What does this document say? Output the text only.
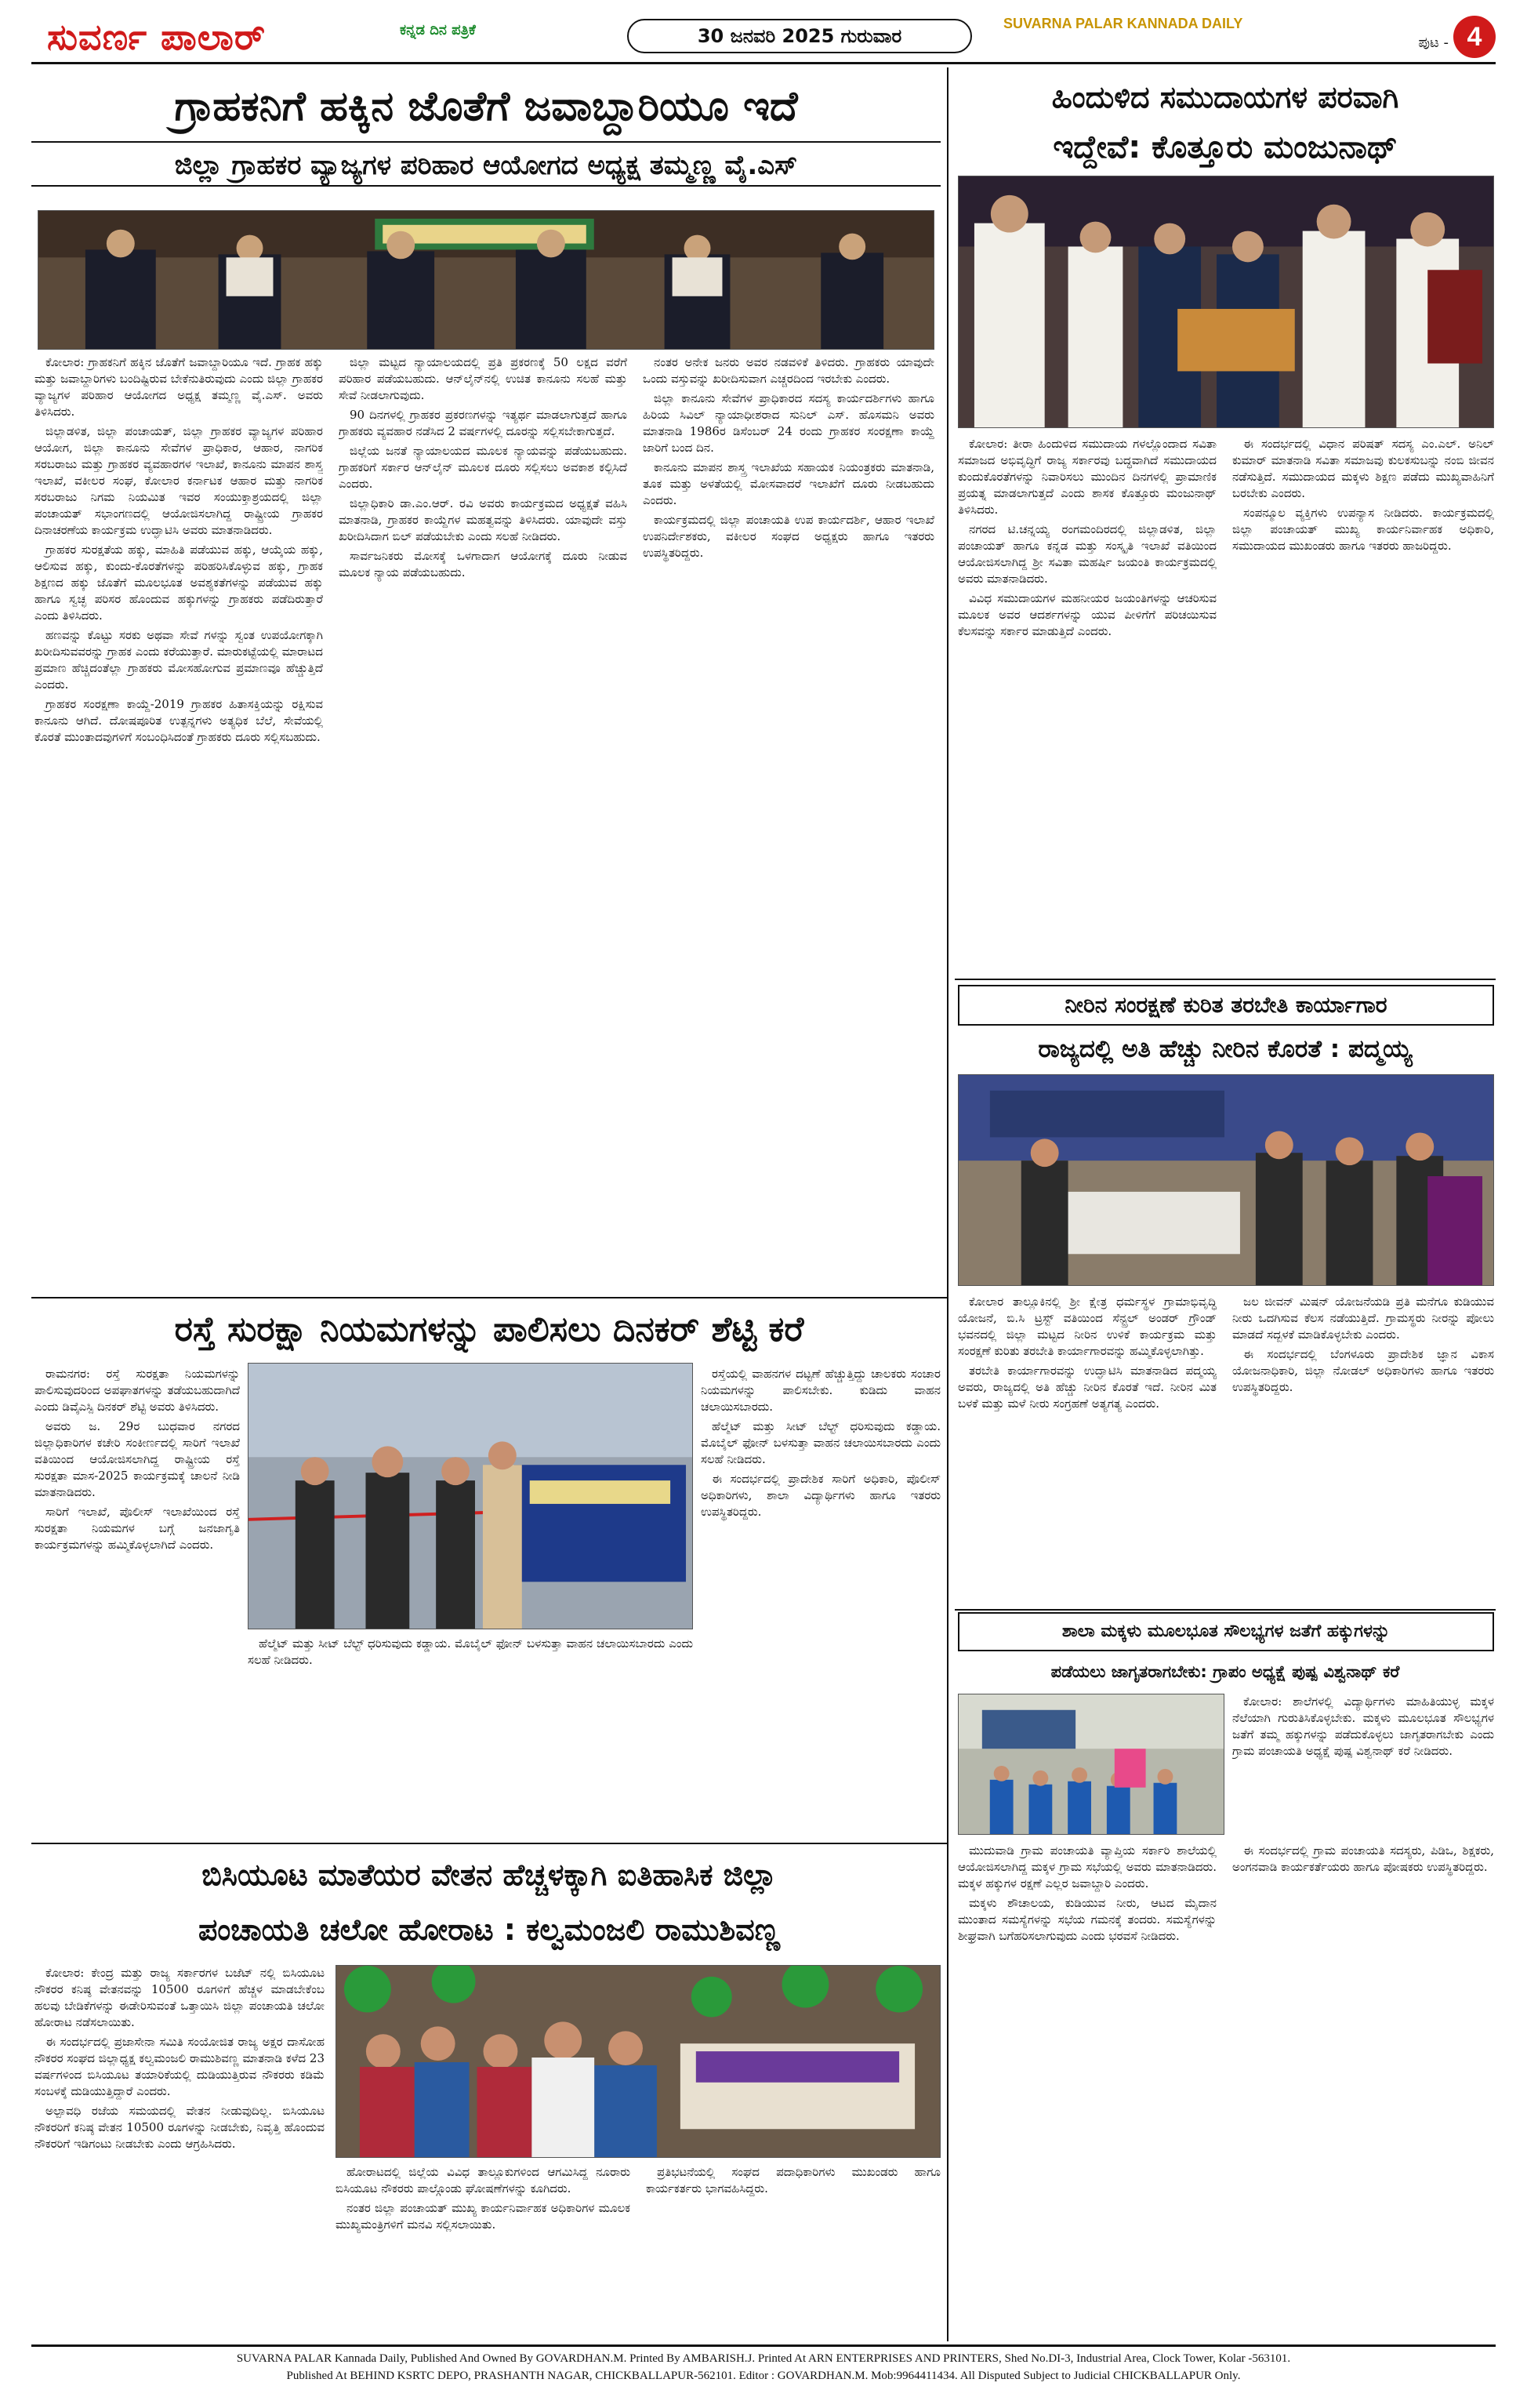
ಸುವರ್ಣ ಪಾಲಾರ್	ಕನ್ನಡ ದಿನ ಪತ್ರಿಕೆ	30 ಜನವರಿ 2025 ಗುರುವಾರ
SUVARNA PALAR KANNADA DAILY
ಪುಟ - 4
ಗ್ರಾಹಕನಿಗೆ ಹಕ್ಕಿನ ಜೊತೆಗೆ ಜವಾಬ್ದಾರಿಯೂ ಇದೆ
ಜಿಲ್ಲಾ ಗ್ರಾಹಕರ ವ್ಯಾಜ್ಯಗಳ ಪರಿಹಾರ ಆಯೋಗದ ಅಧ್ಯಕ್ಷ ತಮ್ಮಣ್ಣ ವೈ.ಎಸ್

ಕೋಲಾರ: ಗ್ರಾಹಕನಿಗೆ ಹಕ್ಕಿನ ಜೊತೆಗೆ ಜವಾಬ್ದಾರಿಯೂ ಇದೆ. ಗ್ರಾಹಕ ಹಕ್ಕು ಮತ್ತು ಜವಾಬ್ದಾರಿಗಳು ಬಂದಿಷ್ಟಿರುವ ಬೇಕೆನುತಿರುವುದು ಎಂದು ಜಿಲ್ಲಾ ಗ್ರಾಹಕರ ವ್ಯಾಜ್ಯಗಳ ಪರಿಹಾರ ಆಯೋಗದ ಅಧ್ಯಕ್ಷ ತಮ್ಮಣ್ಣ ವೈ.ಎಸ್. ಅವರು ತಿಳಿಸಿದರು.

ಜಿಲ್ಲಾಡಳಿತ, ಜಿಲ್ಲಾ ಪಂಚಾಯತ್, ಜಿಲ್ಲಾ ಗ್ರಾಹಕರ ವ್ಯಾಜ್ಯಗಳ ಪರಿಹಾರ ಆಯೋಗ, ಜಿಲ್ಲಾ ಕಾನೂನು ಸೇವೆಗಳ ಪ್ರಾಧಿಕಾರ, ಆಹಾರ, ನಾಗರಿಕ ಸರಬರಾಜು ಮತ್ತು ಗ್ರಾಹಕರ ವ್ಯವಹಾರಗಳ ಇಲಾಖೆ, ಕಾನೂನು ಮಾಪನ ಶಾಸ್ತ್ರ ಇಲಾಖೆ, ವಕೀಲರ ಸಂಘ, ಕೋಲಾರ ಕರ್ನಾಟಕ ಆಹಾರ ಮತ್ತು ನಾಗರಿಕ ಸರಬರಾಜು ನಿಗಮ ನಿಯಮಿತ ಇವರ ಸಂಯುಕ್ತಾಶ್ರಯದಲ್ಲಿ ಜಿಲ್ಲಾ ಪಂಚಾಯತ್ ಸಭಾಂಗಣದಲ್ಲಿ ಆಯೋಜಿಸಲಾಗಿದ್ದ ರಾಷ್ಟ್ರೀಯ ಗ್ರಾಹಕರ ದಿನಾಚರಣೆಯ ಕಾರ್ಯಕ್ರಮ ಉದ್ಘಾಟಿಸಿ ಅವರು ಮಾತನಾಡಿದರು.

ಗ್ರಾಹಕರ ಸುರಕ್ಷತೆಯ ಹಕ್ಕು, ಮಾಹಿತಿ ಪಡೆಯುವ ಹಕ್ಕು, ಆಯ್ಕೆಯ ಹಕ್ಕು, ಆಲಿಸುವ ಹಕ್ಕು, ಕುಂದು-ಕೊರತೆಗಳನ್ನು ಪರಿಹರಿಸಿಕೊಳ್ಳುವ ಹಕ್ಕು, ಗ್ರಾಹಕ ಶಿಕ್ಷಣದ ಹಕ್ಕು ಜೊತೆಗೆ ಮೂಲಭೂತ ಅವಶ್ಯಕತೆಗಳನ್ನು ಪಡೆಯುವ ಹಕ್ಕು ಹಾಗೂ ಸ್ವಚ್ಛ ಪರಿಸರ ಹೊಂದುವ ಹಕ್ಕುಗಳನ್ನು ಗ್ರಾಹಕರು ಪಡೆದಿರುತ್ತಾರೆ ಎಂದು ತಿಳಿಸಿದರು.

ಹಣವನ್ನು ಕೊಟ್ಟು ಸರಕು ಅಥವಾ ಸೇವೆ ಗಳನ್ನು ಸ್ವಂತ ಉಪಯೋಗಕ್ಕಾಗಿ ಖರೀದಿಸುವವರನ್ನು ಗ್ರಾಹಕ ಎಂದು ಕರೆಯುತ್ತಾರೆ. ಮಾರುಕಟ್ಟೆಯಲ್ಲಿ ಮಾರಾಟದ ಪ್ರಮಾಣ ಹೆಚ್ಚಿದಂತೆಲ್ಲಾ ಗ್ರಾಹಕರು ಮೋಸಹೋಗುವ ಪ್ರಮಾಣವೂ ಹೆಚ್ಚುತ್ತಿದೆ ಎಂದರು.

ಗ್ರಾಹಕರ ಸಂರಕ್ಷಣಾ ಕಾಯ್ದೆ-2019 ಗ್ರಾಹಕರ ಹಿತಾಸಕ್ತಿಯನ್ನು ರಕ್ಷಿಸುವ ಕಾನೂನು ಆಗಿದೆ. ದೋಷಪೂರಿತ ಉತ್ಪನ್ನಗಳು ಅತ್ಯಧಿಕ ಬೆಲೆ, ಸೇವೆಯಲ್ಲಿ ಕೊರತೆ ಮುಂತಾದವುಗಳಿಗೆ ಸಂಬಂಧಿಸಿದಂತೆ ಗ್ರಾಹಕರು ದೂರು ಸಲ್ಲಿಸಬಹುದು.

ಜಿಲ್ಲಾ ಮಟ್ಟದ ನ್ಯಾಯಾಲಯದಲ್ಲಿ ಪ್ರತಿ ಪ್ರಕರಣಕ್ಕೆ 50 ಲಕ್ಷದ ವರೆಗೆ ಪರಿಹಾರ ಪಡೆಯಬಹುದು. ಆನ್‌ಲೈನ್‌ನಲ್ಲಿ ಉಚಿತ ಕಾನೂನು ಸಲಹೆ ಮತ್ತು ಸೇವೆ ನೀಡಲಾಗುವುದು.

90 ದಿನಗಳಲ್ಲಿ ಗ್ರಾಹಕರ ಪ್ರಕರಣಗಳನ್ನು ಇತ್ಯರ್ಥ ಮಾಡಲಾಗುತ್ತದೆ ಹಾಗೂ ಗ್ರಾಹಕರು ವ್ಯವಹಾರ ನಡೆಸಿದ 2 ವರ್ಷಗಳಲ್ಲಿ ದೂರನ್ನು ಸಲ್ಲಿಸಬೇಕಾಗುತ್ತದೆ.

ಜಿಲ್ಲೆಯ ಜನತೆ ನ್ಯಾಯಾಲಯದ ಮೂಲಕ ನ್ಯಾಯವನ್ನು ಪಡೆಯಬಹುದು. ಗ್ರಾಹಕರಿಗೆ ಸರ್ಕಾರ ಆನ್‌ಲೈನ್ ಮೂಲಕ ದೂರು ಸಲ್ಲಿಸಲು ಅವಕಾಶ ಕಲ್ಪಿಸಿದೆ ಎಂದರು.

ಜಿಲ್ಲಾಧಿಕಾರಿ ಡಾ.ಎಂ.ಆರ್. ರವಿ ಅವರು ಕಾರ್ಯಕ್ರಮದ ಅಧ್ಯಕ್ಷತೆ ವಹಿಸಿ ಮಾತನಾಡಿ, ಗ್ರಾಹಕರ ಕಾಯ್ದೆಗಳ ಮಹತ್ವವನ್ನು ತಿಳಿಸಿದರು. ಯಾವುದೇ ವಸ್ತು ಖರೀದಿಸಿದಾಗ ಬಿಲ್ ಪಡೆಯಬೇಕು ಎಂದು ಸಲಹೆ ನೀಡಿದರು.

ಸಾರ್ವಜನಿಕರು ಮೋಸಕ್ಕೆ ಒಳಗಾದಾಗ ಆಯೋಗಕ್ಕೆ ದೂರು ನೀಡುವ ಮೂಲಕ ನ್ಯಾಯ ಪಡೆಯಬಹುದು.

ನಂತರ ಅನೇಕ ಜನರು ಅವರ ನಡವಳಿಕೆ ತಿಳಿದರು. ಗ್ರಾಹಕರು ಯಾವುದೇ ಒಂದು ವಸ್ತುವನ್ನು ಖರೀದಿಸುವಾಗ ಎಚ್ಚರದಿಂದ ಇರಬೇಕು ಎಂದರು.

ಜಿಲ್ಲಾ ಕಾನೂನು ಸೇವೆಗಳ ಪ್ರಾಧಿಕಾರದ ಸದಸ್ಯ ಕಾರ್ಯದರ್ಶಿಗಳು ಹಾಗೂ ಹಿರಿಯ ಸಿವಿಲ್ ನ್ಯಾಯಾಧೀಶರಾದ ಸುನಿಲ್ ಎಸ್. ಹೊಸಮನಿ ಅವರು ಮಾತನಾಡಿ 1986ರ ಡಿಸೆಂಬರ್ 24 ರಂದು ಗ್ರಾಹಕರ ಸಂರಕ್ಷಣಾ ಕಾಯ್ದೆ ಜಾರಿಗೆ ಬಂದ ದಿನ.

ಕಾನೂನು ಮಾಪನ ಶಾಸ್ತ್ರ ಇಲಾಖೆಯ ಸಹಾಯಕ ನಿಯಂತ್ರಕರು ಮಾತನಾಡಿ, ತೂಕ ಮತ್ತು ಅಳತೆಯಲ್ಲಿ ಮೋಸವಾದರೆ ಇಲಾಖೆಗೆ ದೂರು ನೀಡಬಹುದು ಎಂದರು.

ಕಾರ್ಯಕ್ರಮದಲ್ಲಿ ಜಿಲ್ಲಾ ಪಂಚಾಯತಿ ಉಪ ಕಾರ್ಯದರ್ಶಿ, ಆಹಾರ ಇಲಾಖೆ ಉಪನಿರ್ದೇಶಕರು, ವಕೀಲರ ಸಂಘದ ಅಧ್ಯಕ್ಷರು ಹಾಗೂ ಇತರರು ಉಪಸ್ಥಿತರಿದ್ದರು.

ಹಿಂದುಳಿದ ಸಮುದಾಯಗಳ ಪರವಾಗಿ
ಇದ್ದೇವೆ: ಕೊತ್ತೂರು ಮಂಜುನಾಥ್

ಕೋಲಾರ: ತೀರಾ ಹಿಂದುಳಿದ ಸಮುದಾಯ ಗಳಲ್ಲೊಂದಾದ ಸವಿತಾ ಸಮಾಜದ ಅಭಿವೃದ್ಧಿಗೆ ರಾಜ್ಯ ಸರ್ಕಾರವು ಬದ್ಧವಾಗಿದೆ ಸಮುದಾಯದ ಕುಂದುಕೊರತೆಗಳನ್ನು ನಿವಾರಿಸಲು ಮುಂದಿನ ದಿನಗಳಲ್ಲಿ ಪ್ರಾಮಾಣಿಕ ಪ್ರಯತ್ನ ಮಾಡಲಾಗುತ್ತದೆ ಎಂದು ಶಾಸಕ ಕೊತ್ತೂರು ಮಂಜುನಾಥ್ ತಿಳಿಸಿದರು.

ನಗರದ ಟಿ.ಚನ್ನಯ್ಯ ರಂಗಮಂದಿರದಲ್ಲಿ ಜಿಲ್ಲಾಡಳಿತ, ಜಿಲ್ಲಾ ಪಂಚಾಯತ್ ಹಾಗೂ ಕನ್ನಡ ಮತ್ತು ಸಂಸ್ಕೃತಿ ಇಲಾಖೆ ವತಿಯಿಂದ ಆಯೋಜಿಸಲಾಗಿದ್ದ ಶ್ರೀ ಸವಿತಾ ಮಹರ್ಷಿ ಜಯಂತಿ ಕಾರ್ಯಕ್ರಮದಲ್ಲಿ ಅವರು ಮಾತನಾಡಿದರು.

ವಿವಿಧ ಸಮುದಾಯಗಳ ಮಹನೀಯರ ಜಯಂತಿಗಳನ್ನು ಆಚರಿಸುವ ಮೂಲಕ ಅವರ ಆದರ್ಶಗಳನ್ನು ಯುವ ಪೀಳಿಗೆಗೆ ಪರಿಚಯಿಸುವ ಕೆಲಸವನ್ನು ಸರ್ಕಾರ ಮಾಡುತ್ತಿದೆ ಎಂದರು.

ಈ ಸಂದರ್ಭದಲ್ಲಿ ವಿಧಾನ ಪರಿಷತ್ ಸದಸ್ಯ ಎಂ.ಎಲ್. ಅನಿಲ್ ಕುಮಾರ್ ಮಾತನಾಡಿ ಸವಿತಾ ಸಮಾಜವು ಕುಲಕಸುಬನ್ನು ನಂಬಿ ಜೀವನ ನಡೆಸುತ್ತಿದೆ. ಸಮುದಾಯದ ಮಕ್ಕಳು ಶಿಕ್ಷಣ ಪಡೆದು ಮುಖ್ಯವಾಹಿನಿಗೆ ಬರಬೇಕು ಎಂದರು.

ಸಂಪನ್ಮೂಲ ವ್ಯಕ್ತಿಗಳು ಉಪನ್ಯಾಸ ನೀಡಿದರು. ಕಾರ್ಯಕ್ರಮದಲ್ಲಿ ಜಿಲ್ಲಾ ಪಂಚಾಯತ್ ಮುಖ್ಯ ಕಾರ್ಯನಿರ್ವಾಹಕ ಅಧಿಕಾರಿ, ಸಮುದಾಯದ ಮುಖಂಡರು ಹಾಗೂ ಇತರರು ಹಾಜರಿದ್ದರು.

ನೀರಿನ ಸಂರಕ್ಷಣೆ ಕುರಿತ ತರಬೇತಿ ಕಾರ್ಯಾಗಾರ
ರಾಜ್ಯದಲ್ಲಿ ಅತಿ ಹೆಚ್ಚು ನೀರಿನ ಕೊರತೆ : ಪದ್ಮಯ್ಯ

ಕೋಲಾರ ತಾಲ್ಲೂಕಿನಲ್ಲಿ ಶ್ರೀ ಕ್ಷೇತ್ರ ಧರ್ಮಸ್ಥಳ ಗ್ರಾಮಾಭಿವೃದ್ಧಿ ಯೋಜನೆ, ಬಿ.ಸಿ ಟ್ರಸ್ಟ್ ವತಿಯಿಂದ ಸೆನ್ಟ್ರಲ್ ಅಂಡರ್ ಗ್ರೌಂಡ್ ಭವನದಲ್ಲಿ ಜಿಲ್ಲಾ ಮಟ್ಟದ ನೀರಿನ ಉಳಿಕೆ ಕಾರ್ಯಕ್ರಮ ಮತ್ತು ಸಂರಕ್ಷಣೆ ಕುರಿತು ತರಬೇತಿ ಕಾರ್ಯಾಗಾರವನ್ನು ಹಮ್ಮಿಕೊಳ್ಳಲಾಗಿತ್ತು.

ತರಬೇತಿ ಕಾರ್ಯಾಗಾರವನ್ನು ಉದ್ಘಾಟಿಸಿ ಮಾತನಾಡಿದ ಪದ್ಮಯ್ಯ ಅವರು, ರಾಜ್ಯದಲ್ಲಿ ಅತಿ ಹೆಚ್ಚು ನೀರಿನ ಕೊರತೆ ಇದೆ. ನೀರಿನ ಮಿತ ಬಳಕೆ ಮತ್ತು ಮಳೆ ನೀರು ಸಂಗ್ರಹಣೆ ಅತ್ಯಗತ್ಯ ಎಂದರು.

ಜಲ ಜೀವನ್ ಮಿಷನ್ ಯೋಜನೆಯಡಿ ಪ್ರತಿ ಮನೆಗೂ ಕುಡಿಯುವ ನೀರು ಒದಗಿಸುವ ಕೆಲಸ ನಡೆಯುತ್ತಿದೆ. ಗ್ರಾಮಸ್ಥರು ನೀರನ್ನು ಪೋಲು ಮಾಡದೆ ಸದ್ಬಳಕೆ ಮಾಡಿಕೊಳ್ಳಬೇಕು ಎಂದರು.

ಈ ಸಂದರ್ಭದಲ್ಲಿ ಬೆಂಗಳೂರು ಪ್ರಾದೇಶಿಕ ಜ್ಞಾನ ವಿಕಾಸ ಯೋಜನಾಧಿಕಾರಿ, ಜಿಲ್ಲಾ ನೋಡಲ್ ಅಧಿಕಾರಿಗಳು ಹಾಗೂ ಇತರರು ಉಪಸ್ಥಿತರಿದ್ದರು.

ರಸ್ತೆ ಸುರಕ್ಷಾ ನಿಯಮಗಳನ್ನು ಪಾಲಿಸಲು ದಿನಕರ್ ಶೆಟ್ಟಿ ಕರೆ

ರಾಮನಗರ: ರಸ್ತೆ ಸುರಕ್ಷತಾ ನಿಯಮಗಳನ್ನು ಪಾಲಿಸುವುದರಿಂದ ಅಪಘಾತಗಳನ್ನು ತಡೆಯಬಹುದಾಗಿದೆ ಎಂದು ಡಿವೈಎಸ್ಪಿ ದಿನಕರ್ ಶೆಟ್ಟಿ ಅವರು ತಿಳಿಸಿದರು.

ಅವರು ಜ. 29ರ ಬುಧವಾರ ನಗರದ ಜಿಲ್ಲಾಧಿಕಾರಿಗಳ ಕಚೇರಿ ಸಂಕೀರ್ಣದಲ್ಲಿ ಸಾರಿಗೆ ಇಲಾಖೆ ವತಿಯಿಂದ ಆಯೋಜಿಸಲಾಗಿದ್ದ ರಾಷ್ಟ್ರೀಯ ರಸ್ತೆ ಸುರಕ್ಷತಾ ಮಾಸ-2025 ಕಾರ್ಯಕ್ರಮಕ್ಕೆ ಚಾಲನೆ ನೀಡಿ ಮಾತನಾಡಿದರು.

ಸಾರಿಗೆ ಇಲಾಖೆ, ಪೊಲೀಸ್ ಇಲಾಖೆಯಿಂದ ರಸ್ತೆ ಸುರಕ್ಷತಾ ನಿಯಮಗಳ ಬಗ್ಗೆ ಜನಜಾಗೃತಿ ಕಾರ್ಯಕ್ರಮಗಳನ್ನು ಹಮ್ಮಿಕೊಳ್ಳಲಾಗಿದೆ ಎಂದರು.

ರಸ್ತೆಯಲ್ಲಿ ವಾಹನಗಳ ದಟ್ಟಣೆ ಹೆಚ್ಚುತ್ತಿದ್ದು ಚಾಲಕರು ಸಂಚಾರ ನಿಯಮಗಳನ್ನು ಪಾಲಿಸಬೇಕು. ಕುಡಿದು ವಾಹನ ಚಲಾಯಿಸಬಾರದು.

ಹೆಲ್ಮೆಟ್ ಮತ್ತು ಸೀಟ್ ಬೆಲ್ಟ್ ಧರಿಸುವುದು ಕಡ್ಡಾಯ. ಮೊಬೈಲ್ ಫೋನ್ ಬಳಸುತ್ತಾ ವಾಹನ ಚಲಾಯಿಸಬಾರದು ಎಂದು ಸಲಹೆ ನೀಡಿದರು.

ಈ ಸಂದರ್ಭದಲ್ಲಿ ಪ್ರಾದೇಶಿಕ ಸಾರಿಗೆ ಅಧಿಕಾರಿ, ಪೊಲೀಸ್ ಅಧಿಕಾರಿಗಳು, ಶಾಲಾ ವಿದ್ಯಾರ್ಥಿಗಳು ಹಾಗೂ ಇತರರು ಉಪಸ್ಥಿತರಿದ್ದರು.

ಹೆಲ್ಮೆಟ್ ಮತ್ತು ಸೀಟ್ ಬೆಲ್ಟ್ ಧರಿಸುವುದು ಕಡ್ಡಾಯ. ಮೊಬೈಲ್ ಫೋನ್ ಬಳಸುತ್ತಾ ವಾಹನ ಚಲಾಯಿಸಬಾರದು ಎಂದು ಸಲಹೆ ನೀಡಿದರು.

ಬಿಸಿಯೂಟ ಮಾತೆಯರ ವೇತನ ಹೆಚ್ಚಳಕ್ಕಾಗಿ ಐತಿಹಾಸಿಕ ಜಿಲ್ಲಾ
ಪಂಚಾಯತಿ ಚಲೋ ಹೋರಾಟ : ಕಲ್ವಮಂಜಲಿ ರಾಮುಶಿವಣ್ಣ

ಕೋಲಾರ: ಕೇಂದ್ರ ಮತ್ತು ರಾಜ್ಯ ಸರ್ಕಾರಗಳ ಬಜೆಟ್ ನಲ್ಲಿ ಬಿಸಿಯೂಟ ನೌಕರರ ಕನಿಷ್ಠ ವೇತನವನ್ನು 10500 ರೂಗಳಿಗೆ ಹೆಚ್ಚಳ ಮಾಡಬೇಕೆಂಬ ಹಲವು ಬೇಡಿಕೆಗಳನ್ನು ಈಡೇರಿಸುವಂತೆ ಒತ್ತಾಯಿಸಿ ಜಿಲ್ಲಾ ಪಂಚಾಯತಿ ಚಲೋ ಹೋರಾಟ ನಡೆಸಲಾಯಿತು.

ಈ ಸಂದರ್ಭದಲ್ಲಿ ಪ್ರಜಾಸೇನಾ ಸಮಿತಿ ಸಂಯೋಜಿತ ರಾಜ್ಯ ಅಕ್ಷರ ದಾಸೋಹ ನೌಕರರ ಸಂಘದ ಜಿಲ್ಲಾಧ್ಯಕ್ಷ ಕಲ್ವಮಂಜಲಿ ರಾಮುಶಿವಣ್ಣ ಮಾತನಾಡಿ ಕಳೆದ 23 ವರ್ಷಗಳಿಂದ ಬಿಸಿಯೂಟ ತಯಾರಿಕೆಯಲ್ಲಿ ದುಡಿಯುತ್ತಿರುವ ನೌಕರರು ಕಡಿಮೆ ಸಂಬಳಕ್ಕೆ ದುಡಿಯುತ್ತಿದ್ದಾರೆ ಎಂದರು.

ಅಲ್ಪಾವಧಿ ರಜೆಯ ಸಮಯದಲ್ಲಿ ವೇತನ ನೀಡುವುದಿಲ್ಲ. ಬಿಸಿಯೂಟ ನೌಕರರಿಗೆ ಕನಿಷ್ಠ ವೇತನ 10500 ರೂಗಳನ್ನು ನೀಡಬೇಕು, ನಿವೃತ್ತಿ ಹೊಂದುವ ನೌಕರರಿಗೆ ಇಡಿಗಂಟು ನೀಡಬೇಕು ಎಂದು ಆಗ್ರಹಿಸಿದರು.

ಹೋರಾಟದಲ್ಲಿ ಜಿಲ್ಲೆಯ ವಿವಿಧ ತಾಲ್ಲೂಕುಗಳಿಂದ ಆಗಮಿಸಿದ್ದ ನೂರಾರು ಬಿಸಿಯೂಟ ನೌಕರರು ಪಾಲ್ಗೊಂಡು ಘೋಷಣೆಗಳನ್ನು ಕೂಗಿದರು.

ನಂತರ ಜಿಲ್ಲಾ ಪಂಚಾಯತ್ ಮುಖ್ಯ ಕಾರ್ಯನಿರ್ವಾಹಕ ಅಧಿಕಾರಿಗಳ ಮೂಲಕ ಮುಖ್ಯಮಂತ್ರಿಗಳಿಗೆ ಮನವಿ ಸಲ್ಲಿಸಲಾಯಿತು.

ಪ್ರತಿಭಟನೆಯಲ್ಲಿ ಸಂಘದ ಪದಾಧಿಕಾರಿಗಳು ಮುಖಂಡರು ಹಾಗೂ ಕಾರ್ಯಕರ್ತರು ಭಾಗವಹಿಸಿದ್ದರು.

ಶಾಲಾ ಮಕ್ಕಳು ಮೂಲಭೂತ ಸೌಲಭ್ಯಗಳ ಜತೆಗೆ ಹಕ್ಕುಗಳನ್ನು
ಪಡೆಯಲು ಜಾಗೃತರಾಗಬೇಕು: ಗ್ರಾಪಂ ಅಧ್ಯಕ್ಷೆ ಪುಷ್ಪ ವಿಶ್ವನಾಥ್ ಕರೆ

ಕೋಲಾರ: ಶಾಲೆಗಳಲ್ಲಿ ವಿದ್ಯಾರ್ಥಿಗಳು ಮಾಹಿತಿಯುಳ್ಳ ಮಕ್ಕಳ ನೆಲೆಯಾಗಿ ಗುರುತಿಸಿಕೊಳ್ಳಬೇಕು. ಮಕ್ಕಳು ಮೂಲಭೂತ ಸೌಲಭ್ಯಗಳ ಜತೆಗೆ ತಮ್ಮ ಹಕ್ಕುಗಳನ್ನು ಪಡೆದುಕೊಳ್ಳಲು ಜಾಗೃತರಾಗಬೇಕು ಎಂದು ಗ್ರಾಮ ಪಂಚಾಯತಿ ಅಧ್ಯಕ್ಷೆ ಪುಷ್ಪ ವಿಶ್ವನಾಥ್ ಕರೆ ನೀಡಿದರು.

ಮುದುವಾಡಿ ಗ್ರಾಮ ಪಂಚಾಯತಿ ವ್ಯಾಪ್ತಿಯ ಸರ್ಕಾರಿ ಶಾಲೆಯಲ್ಲಿ ಆಯೋಜಿಸಲಾಗಿದ್ದ ಮಕ್ಕಳ ಗ್ರಾಮ ಸಭೆಯಲ್ಲಿ ಅವರು ಮಾತನಾಡಿದರು. ಮಕ್ಕಳ ಹಕ್ಕುಗಳ ರಕ್ಷಣೆ ಎಲ್ಲರ ಜವಾಬ್ದಾರಿ ಎಂದರು.

ಮಕ್ಕಳು ಶೌಚಾಲಯ, ಕುಡಿಯುವ ನೀರು, ಆಟದ ಮೈದಾನ ಮುಂತಾದ ಸಮಸ್ಯೆಗಳನ್ನು ಸಭೆಯ ಗಮನಕ್ಕೆ ತಂದರು. ಸಮಸ್ಯೆಗಳನ್ನು ಶೀಘ್ರವಾಗಿ ಬಗೆಹರಿಸಲಾಗುವುದು ಎಂದು ಭರವಸೆ ನೀಡಿದರು.

ಈ ಸಂದರ್ಭದಲ್ಲಿ ಗ್ರಾಮ ಪಂಚಾಯತಿ ಸದಸ್ಯರು, ಪಿಡಿಒ, ಶಿಕ್ಷಕರು, ಅಂಗನವಾಡಿ ಕಾರ್ಯಕರ್ತೆಯರು ಹಾಗೂ ಪೋಷಕರು ಉಪಸ್ಥಿತರಿದ್ದರು.

SUVARNA PALAR Kannada Daily, Published And Owned By GOVARDHAN.M. Printed By AMBARISH.J. Printed At ARN ENTERPRISES AND PRINTERS, Shed No.DI-3, Industrial Area, Clock Tower, Kolar -563101.
Published At BEHIND KSRTC DEPO, PRASHANTH NAGAR, CHICKBALLAPUR-562101. Editor : GOVARDHAN.M. Mob:9964411434. All Disputed Subject to Judicial CHICKBALLAPUR Only.
